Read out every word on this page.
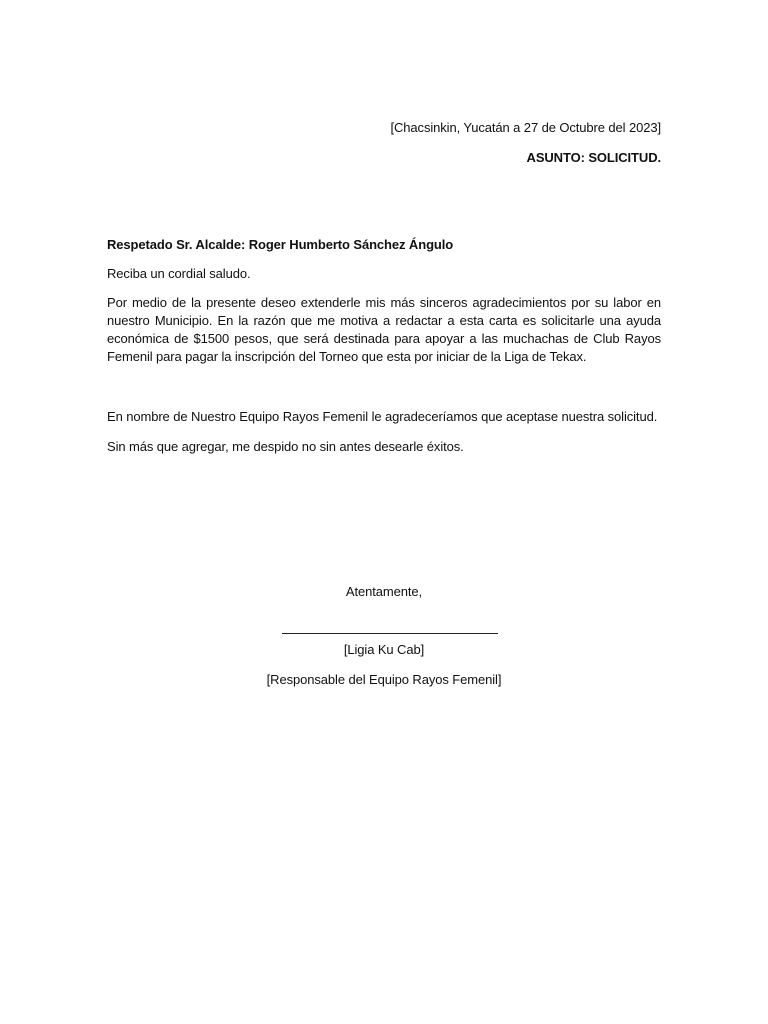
[Chacsinkin, Yucatán a 27 de Octubre del 2023]
ASUNTO: SOLICITUD.
Respetado Sr. Alcalde: Roger Humberto Sánchez Ángulo
Reciba un cordial saludo.
Por medio de la presente deseo extenderle mis más sinceros agradecimientos por su labor en nuestro Municipio. En la razón que me motiva a redactar a esta carta es solicitarle una ayuda económica de $1500 pesos, que será destinada para apoyar a las muchachas de Club Rayos Femenil para pagar la inscripción del Torneo que esta por iniciar de la Liga de Tekax.
En nombre de Nuestro Equipo Rayos Femenil le agradeceríamos que aceptase nuestra solicitud.
Sin más que agregar, me despido no sin antes desearle éxitos.
Atentamente,
[Ligia Ku Cab]
[Responsable del Equipo Rayos Femenil]
